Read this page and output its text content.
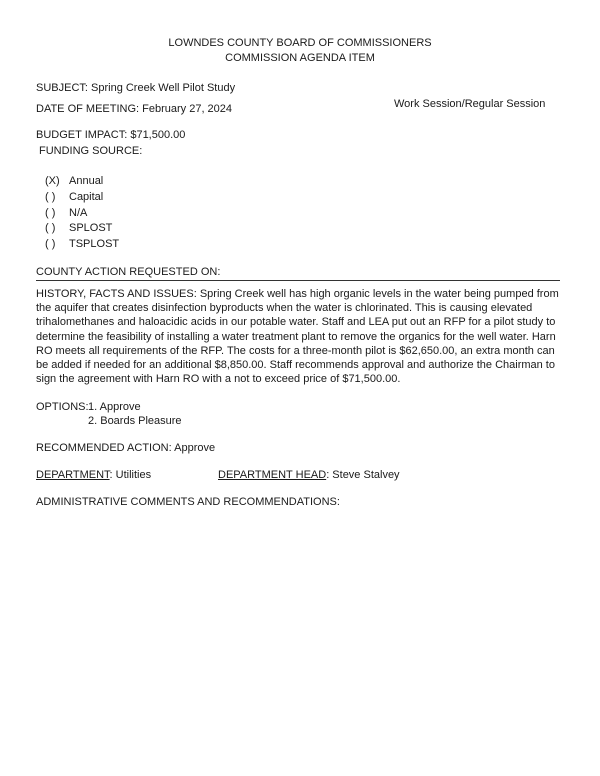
LOWNDES COUNTY BOARD OF COMMISSIONERS
COMMISSION AGENDA ITEM
SUBJECT: Spring Creek Well Pilot Study
DATE OF MEETING: February 27, 2024	Work Session/Regular Session
BUDGET IMPACT: $71,500.00
FUNDING SOURCE:
(X) Annual
( ) Capital
( ) N/A
( ) SPLOST
( ) TSPLOST
COUNTY ACTION REQUESTED ON:
HISTORY, FACTS AND ISSUES: Spring Creek well has high organic levels in the water being pumped from the aquifer that creates disinfection byproducts when the water is chlorinated. This is causing elevated trihalomethanes and haloacidic acids in our potable water. Staff and LEA put out an RFP for a pilot study to determine the feasibility of installing a water treatment plant to remove the organics for the well water. Harn RO meets all requirements of the RFP. The costs for a three-month pilot is $62,650.00, an extra month can be added if needed for an additional $8,850.00. Staff recommends approval and authorize the Chairman to sign the agreement with Harn RO with a not to exceed price of $71,500.00.
OPTIONS: 1. Approve
2. Boards Pleasure
RECOMMENDED ACTION: Approve
DEPARTMENT: Utilities	DEPARTMENT HEAD: Steve Stalvey
ADMINISTRATIVE COMMENTS AND RECOMMENDATIONS:
